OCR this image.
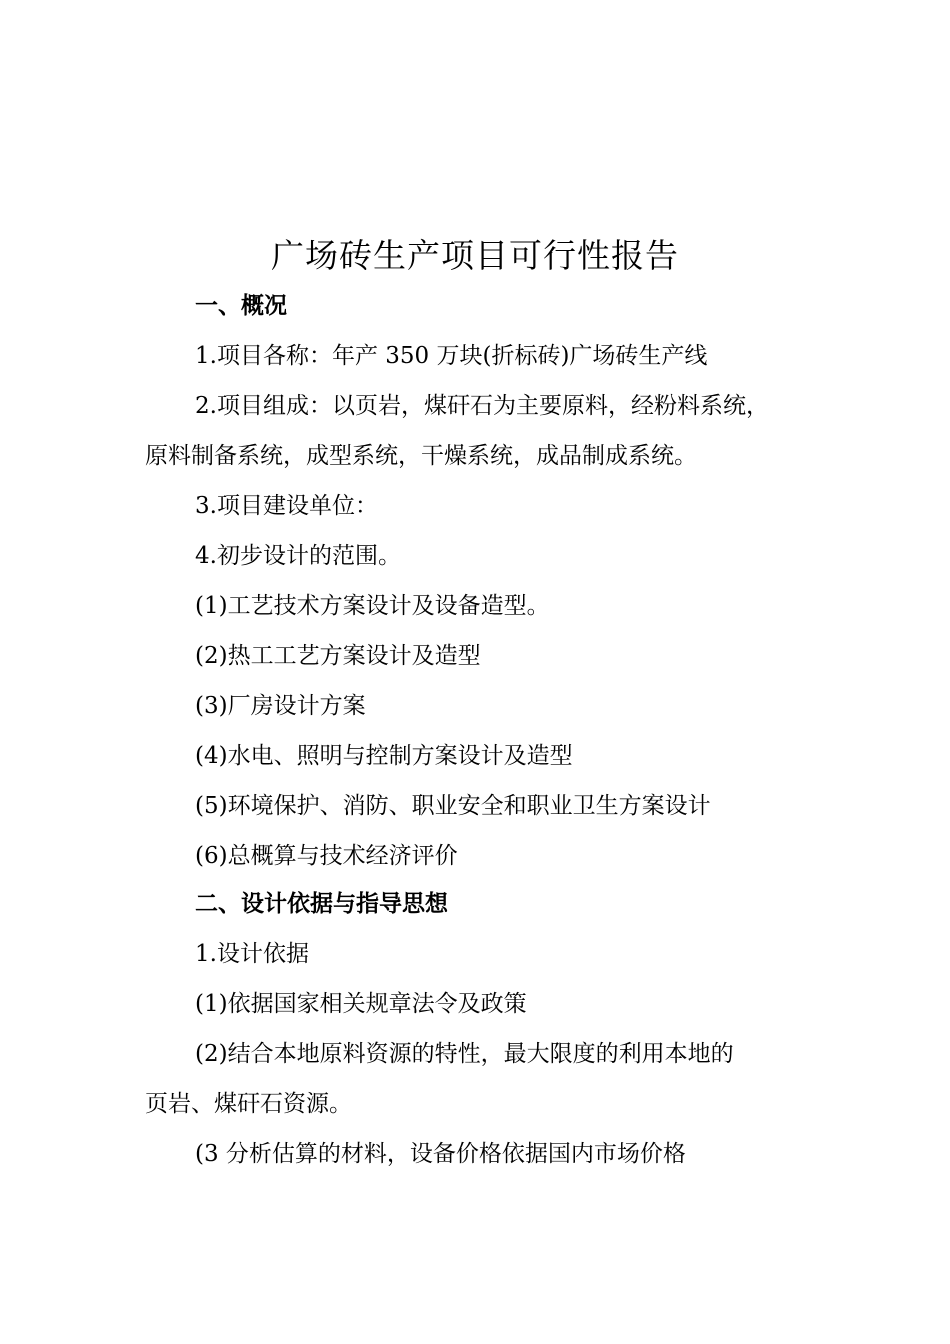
广场砖生产项目可行性报告

一、概况

1.项目各称：年产 350 万块(折标砖)广场砖生产线

2.项目组成：以页岩，煤矸石为主要原料，经粉料系统，

原料制备系统，成型系统，干燥系统，成品制成系统。

3.项目建设单位：

4.初步设计的范围。

(1)工艺技术方案设计及设备造型。

(2)热工工艺方案设计及造型

(3)厂房设计方案

(4)水电、照明与控制方案设计及造型

(5)环境保护、消防、职业安全和职业卫生方案设计

(6)总概算与技术经济评价

二、设计依据与指导思想

1.设计依据

(1)依据国家相关规章法令及政策

(2)结合本地原料资源的特性，最大限度的利用本地的

页岩、煤矸石资源。

(3 分析估算的材料，设备价格依据国内市场价格
